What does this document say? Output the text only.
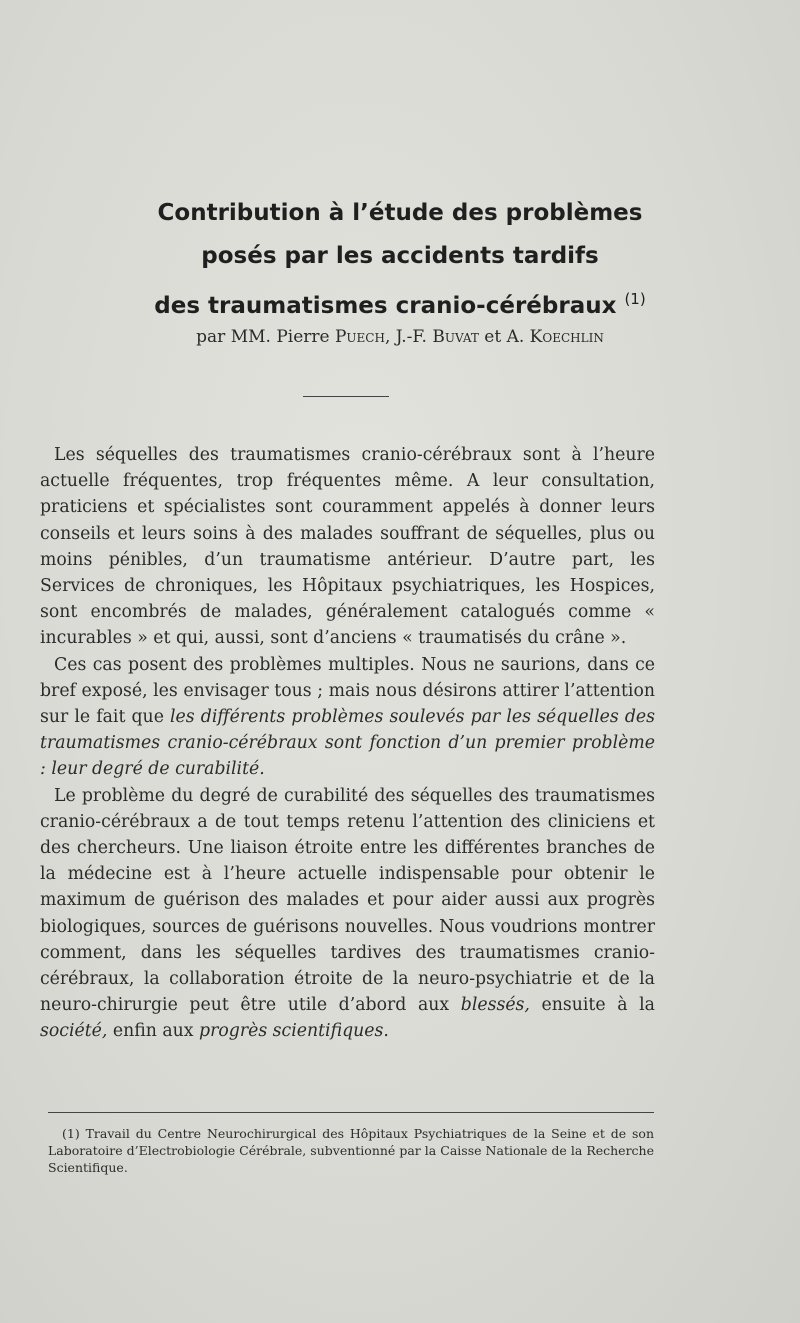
Contribution à l’étude des problèmes
posés par les accidents tardifs
des traumatismes cranio-cérébraux $^{(1)}$
par MM. Pierre Puech, J.-F. Buvat et A. Koechlin

Les séquelles des traumatismes cranio-cérébraux sont à l’heure actuelle fréquentes, trop fréquentes même. A leur consultation, praticiens et spécialistes sont couramment appelés à donner leurs conseils et leurs soins à des malades souffrant de séquelles, plus ou moins pénibles, d’un traumatisme antérieur. D’autre part, les Services de chroniques, les Hôpitaux psychiatriques, les Hospices, sont encombrés de malades, généralement catalogués comme « incurables » et qui, aussi, sont d’anciens « traumatisés du crâne ».

Ces cas posent des problèmes multiples. Nous ne saurions, dans ce bref exposé, les envisager tous ; mais nous désirons attirer l’attention sur le fait que les différents problèmes soulevés par les séquelles des traumatismes cranio-cérébraux sont fonction d’un premier problème : leur degré de curabilité.

Le problème du degré de curabilité des séquelles des traumatismes cranio-cérébraux a de tout temps retenu l’attention des cliniciens et des chercheurs. Une liaison étroite entre les différentes branches de la médecine est à l’heure actuelle indispensable pour obtenir le maximum de guérison des malades et pour aider aussi aux progrès biologiques, sources de guérisons nouvelles. Nous voudrions montrer comment, dans les séquelles tardives des traumatismes cranio-cérébraux, la collaboration étroite de la neuro-psychiatrie et de la neuro-chirurgie peut être utile d’abord aux blessés, ensuite à la société, enfin aux progrès scientifiques.

(1) Travail du Centre Neurochirurgical des Hôpitaux Psychiatriques de la Seine et de son Laboratoire d’Electrobiologie Cérébrale, subventionné par la Caisse Nationale de la Recherche Scientifique.
